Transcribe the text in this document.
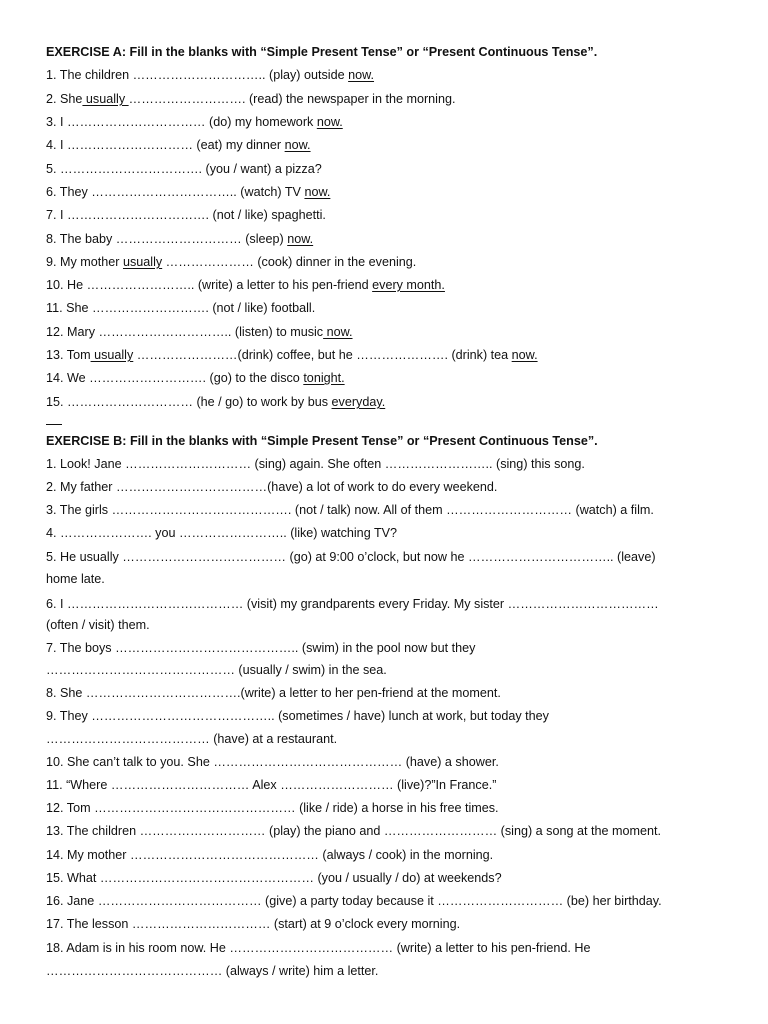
EXERCISE A: Fill in the blanks with “Simple Present Tense” or “Present Continuous Tense”.
1. The children ………………………….. (play) outside now.
2. She usually ………………………. (read) the newspaper in the morning.
3. I …………………………… (do) my homework now.
4. I ………………………… (eat) my dinner now.
5. ……………………………. (you / want) a pizza?
6. They …………………………….. (watch) TV now.
7. I ……………………………. (not / like) spaghetti.
8. The baby ………………………… (sleep) now.
9. My mother usually ………………… (cook) dinner in the evening.
10. He …………………….. (write) a letter to his pen-friend every month.
11. She ………………………. (not / like) football.
12. Mary ………………………….. (listen) to music now.
13. Tom usually ……………………(drink) coffee, but he …………………. (drink) tea now.
14. We ………………………. (go) to the disco tonight.
15. ………………………… (he / go) to work by bus everyday.
EXERCISE B: Fill in the blanks with “Simple Present Tense” or “Present Continuous Tense”.
1. Look! Jane ………………………… (sing) again. She often …………………….. (sing) this song.
2. My father ………………………………(have) a lot of work to do every weekend.
3. The girls ……………………………………. (not / talk) now. All of them ………………………… (watch) a film.
4. …………………. you …………………….. (like) watching TV?
5. He usually ………………………………… (go) at 9:00 o’clock, but now he …………………………….. (leave)
home late.
6. I …………………………………… (visit) my grandparents every Friday. My sister ………………………………
(often / visit) them.
7. The boys …………………………………….. (swim) in the pool now but they
……………………………………… (usually / swim) in the sea.
8. She ……………………………….(write) a letter to her pen-friend at the moment.
9. They …………………………………….. (sometimes / have) lunch at work, but today they
………………………………… (have) at a restaurant.
10. She can’t talk to you. She ……………………………………… (have) a shower.
11. “Where …………………………… Alex ……………………… (live)?”In France.”
12. Tom ………………………………………… (like / ride) a horse in his free times.
13. The children ………………………… (play) the piano and ……………………… (sing) a song at the moment.
14. My mother ……………………………………… (always / cook) in the morning.
15. What …………………………………………… (you / usually / do) at weekends?
16. Jane ………………………………… (give) a party today because it ………………………… (be) her birthday.
17. The lesson …………………………… (start) at 9 o’clock every morning.
18. Adam is in his room now. He ………………………………… (write) a letter to his pen-friend. He
…………………………………… (always / write) him a letter.
